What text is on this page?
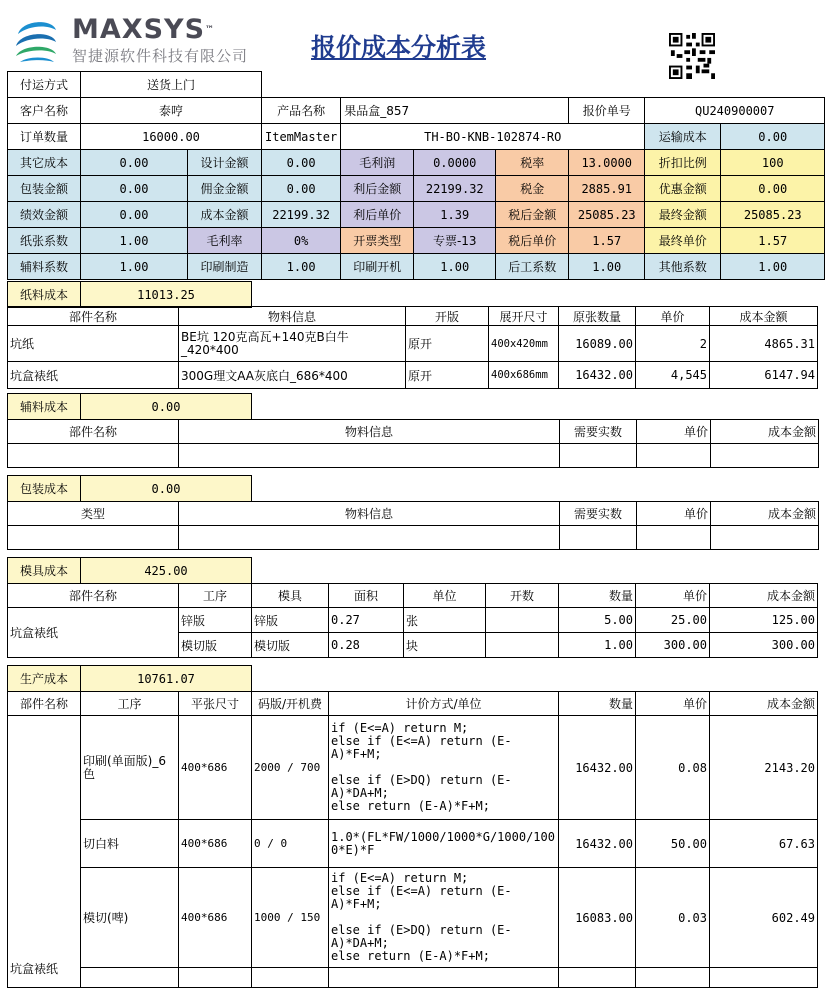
MAXSYS™
智捷源软件科技有限公司	报价成本分析表
付运方式	送货上门								
客户名称	泰哼		产品名称	果品盒_857			报价单号	QU240900007	
订单数量	16000.00		ItemMaster	TH-BO-KNB-102874-RO				运输成本	0.00
其它成本	0.00	设计金额	0.00	毛利润	0.0000	税率	13.0000	折扣比例	100
包装金额	0.00	佣金金额	0.00	利后金额	22199.32	税金	2885.91	优惠金额	0.00
绩效金额	0.00	成本金额	22199.32	利后单价	1.39	税后金额	25085.23	最终金额	25085.23
纸张系数	1.00	毛利率	0%	开票类型	专票-13	税后单价	1.57	最终单价	1.57
辅料系数	1.00	印刷制造	1.00	印刷开机	1.00	后工系数	1.00	其他系数	1.00
纸料成本	11013.25
部件名称	物料信息	开版	展开尺寸	原张数量	单价	成本金额
坑纸	BE坑 120克高瓦+140克B白牛_420*400	原开	400x420mm	16089.00	2	4865.31
坑盒裱纸	300G理文AA灰底白_686*400	原开	400x686mm	16432.00	4,545	6147.94
辅料成本	0.00
部件名称	物料信息	需要实数	单价	成本金额

包装成本	0.00
类型	物料信息	需要实数	单价	成本金额

模具成本	425.00
部件名称	工序	模具	面积	单位	开数	数量	单价	成本金额
坑盒裱纸	锌版	锌版	0.27	张		5.00	25.00	125.00
	模切版	模切版	0.28	块		1.00	300.00	300.00
生产成本	10761.07
部件名称	工序	平张尺寸	码版/开机费	计价方式/单位	数量	单价	成本金额
坑盒裱纸	印刷(单面版)_6色	400*686	2000 / 700	if (E<=A) return M;
else if (E<=A) return (E-A)*F+M;

else if (E>DQ) return (E-A)*DA+M;
else return (E-A)*F+M;	16432.00	0.08	2143.20
	切白料	400*686	0 / 0	1.0*(FL*FW/1000/1000*G/1000/1000*E)*F	16432.00	50.00	67.63
	模切(啤)	400*686	1000 / 150	if (E<=A) return M;
else if (E<=A) return (E-A)*F+M;

else if (E>DQ) return (E-A)*DA+M;
else return (E-A)*F+M;	16083.00	0.03	602.49
